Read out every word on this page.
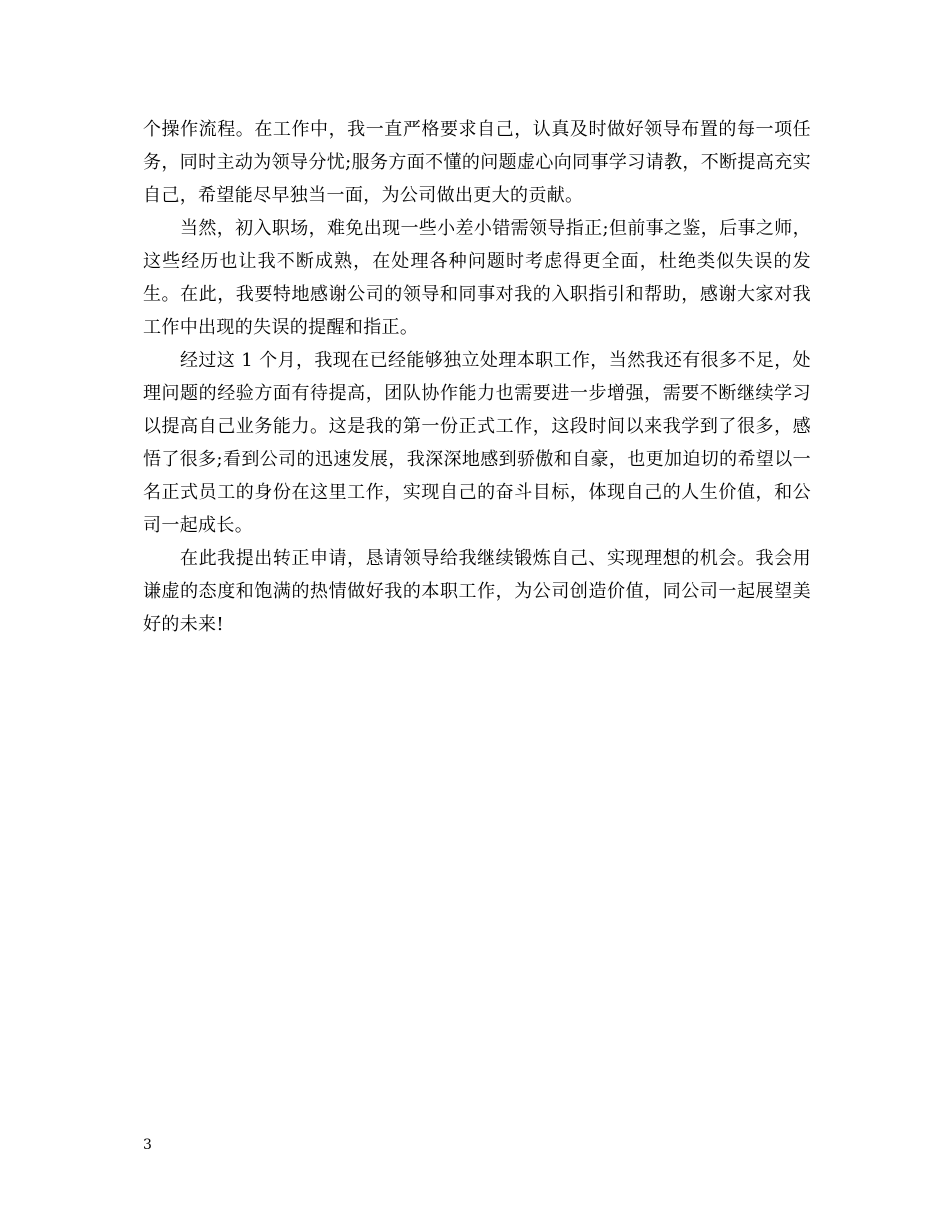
个操作流程。在工作中，我一直严格要求自己，认真及时做好领导布置的每一项任务，同时主动为领导分忧;服务方面不懂的问题虚心向同事学习请教，不断提高充实自己，希望能尽早独当一面，为公司做出更大的贡献。

当然，初入职场，难免出现一些小差小错需领导指正;但前事之鉴，后事之师，这些经历也让我不断成熟，在处理各种问题时考虑得更全面，杜绝类似失误的发生。在此，我要特地感谢公司的领导和同事对我的入职指引和帮助，感谢大家对我工作中出现的失误的提醒和指正。

经过这 1 个月，我现在已经能够独立处理本职工作，当然我还有很多不足，处理问题的经验方面有待提高，团队协作能力也需要进一步增强，需要不断继续学习以提高自己业务能力。这是我的第一份正式工作，这段时间以来我学到了很多，感悟了很多;看到公司的迅速发展，我深深地感到骄傲和自豪，也更加迫切的希望以一名正式员工的身份在这里工作，实现自己的奋斗目标，体现自己的人生价值，和公司一起成长。

在此我提出转正申请，恳请领导给我继续锻炼自己、实现理想的机会。我会用谦虚的态度和饱满的热情做好我的本职工作，为公司创造价值，同公司一起展望美好的未来!

3
